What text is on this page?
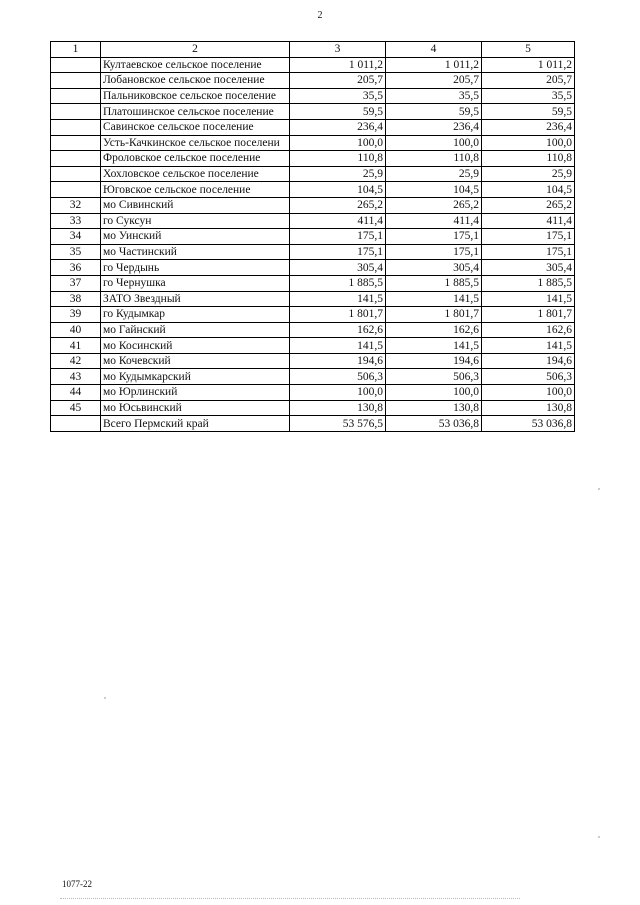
2
1	2	3	4	5
	Култаевское сельское поселение	1 011,2	1 011,2	1 011,2
	Лобановское сельское поселение	205,7	205,7	205,7
	Пальниковское сельское поселение	35,5	35,5	35,5
	Платошинское сельское поселение	59,5	59,5	59,5
	Савинское сельское поселение	236,4	236,4	236,4
	Усть-Качкинское сельское поселени	100,0	100,0	100,0
	Фроловское сельское поселение	110,8	110,8	110,8
	Хохловское сельское поселение	25,9	25,9	25,9
	Юговское сельское поселение	104,5	104,5	104,5
32	мо Сивинский	265,2	265,2	265,2
33	го Суксун	411,4	411,4	411,4
34	мо Уинский	175,1	175,1	175,1
35	мо Частинский	175,1	175,1	175,1
36	го Чердынь	305,4	305,4	305,4
37	го Чернушка	1 885,5	1 885,5	1 885,5
38	ЗАТО Звездный	141,5	141,5	141,5
39	го Кудымкар	1 801,7	1 801,7	1 801,7
40	мо Гайнский	162,6	162,6	162,6
41	мо Косинский	141,5	141,5	141,5
42	мо Кочевский	194,6	194,6	194,6
43	мо Кудымкарский	506,3	506,3	506,3
44	мо Юрлинский	100,0	100,0	100,0
45	мо Юсьвинский	130,8	130,8	130,8
	Всего Пермский край	53 576,5	53 036,8	53 036,8
1077-22
